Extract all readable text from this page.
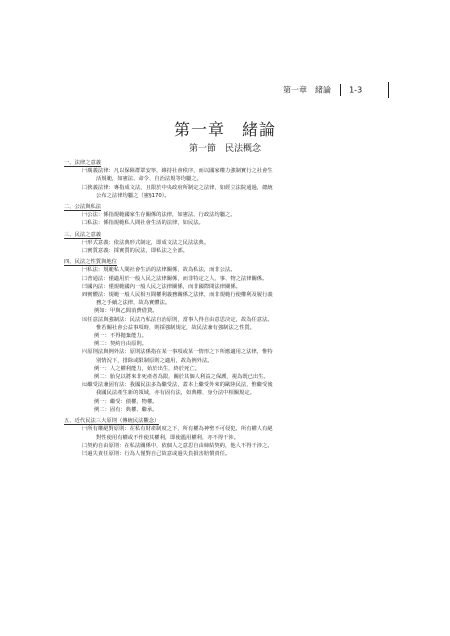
第一章　緒論 1-3
第一章　緒論
第一節　民法概念
一、法律之意義
㈠廣義法律：凡以保障群眾安寧，維持社會秩序，而以國家權力強制實行之社會生
活規範，如憲法、命令、自治法規等均屬之。
㈡狹義法律：專指成文法，且限於中央政府所制定之法律，如經立法院通過，總統
公布之法律均屬之（憲§170）。
二、公法與私法
㈠公法：係指規範國家生存關係的法律，如憲法、行政法均屬之。
㈡私法：係指規範私人間社會生活的法律，如民法。
三、民法之意義
㈠形式意義：依法典形式制定，即成文法之民法法典。
㈡實質意義：採實質的民法，即私法之全部。
四、民法之性質與地位
㈠私法：規範私人間社會生活的法律關係，故為私法，而非公法。
㈡普通法：僅適用於一般人民之法律關係，而非特定之人、事、物之法律關係。
㈢國內法：僅規範國內一般人民之法律關係，而非國際間法律關係。
㈣實體法：規範一般人民相互間權利義務關係之法律，而非規範行使權利及履行義
務之手續之法律，故為實體法。
例如：甲與乙間消費借貸。
㈤任意法與強制法：民法乃私法自治原則，當事人得自由意思決定，故為任意法。
惟若關社會公益事項時，則採強制規定，故民法兼有強制法之性質。
例一：不得拋棄能力。
例二：契約自由原則。
㈥原則法與例外法：原則法係指在某一事項或某一情形之下所應適用之法律，惟特
別情況下，排除或限制原則之適用，故為例外法。
例一：人之權利能力，始於出生，終於死亡。
例二：胎兒以將來非死產者為限，關於其個人利益之保護，視為既已出生。
㈦繼受法兼固有法：我國民法多為繼受法，蓋本上繼受外來的歐陸民法，惟繼受後
我國民法產生新的領域，亦有固有法，如典權、身分法中相關規定。
例一：繼受：債權、物權。
例二：固有：典權、繼承。
五、近代民法三大原則（傳統民法觀念）
㈠所有權絕對原則：在私有財產制度之下，所有權為神聖不可侵犯，所有權人有絕
對性使用有權或不作使其權利，即使濫用權利，亦不得干涉。
㈡契約自由原則：在私法關係中，依個人之意思自由締結契約，他人不得干涉之。
㈢過失責任原則：行為人僅對自己故意或過失負損害賠償責任。
